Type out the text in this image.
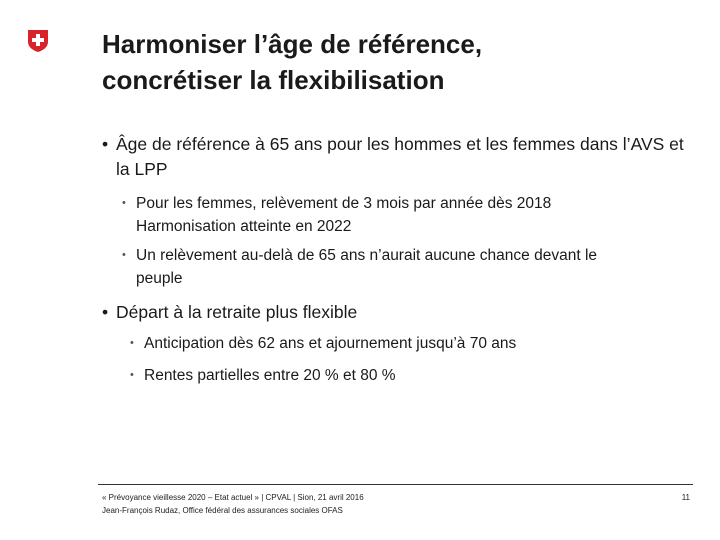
Harmoniser l’âge de référence,
concrétiser la flexibilisation
• Âge de référence à 65 ans pour les hommes et les femmes dans l’AVS et la LPP
• Pour les femmes, relèvement de 3 mois par année dès 2018
Harmonisation atteinte en 2022
• Un relèvement au-delà de 65 ans n’aurait aucune chance devant le
peuple
• Départ à la retraite plus flexible
• Anticipation dès 62 ans et ajournement jusqu’à 70 ans
• Rentes partielles entre 20 % et 80 %
« Prévoyance vieillesse 2020 – Etat actuel » | CPVAL | Sion, 21 avril 2016
Jean-François Rudaz, Office fédéral des assurances sociales OFAS
11
